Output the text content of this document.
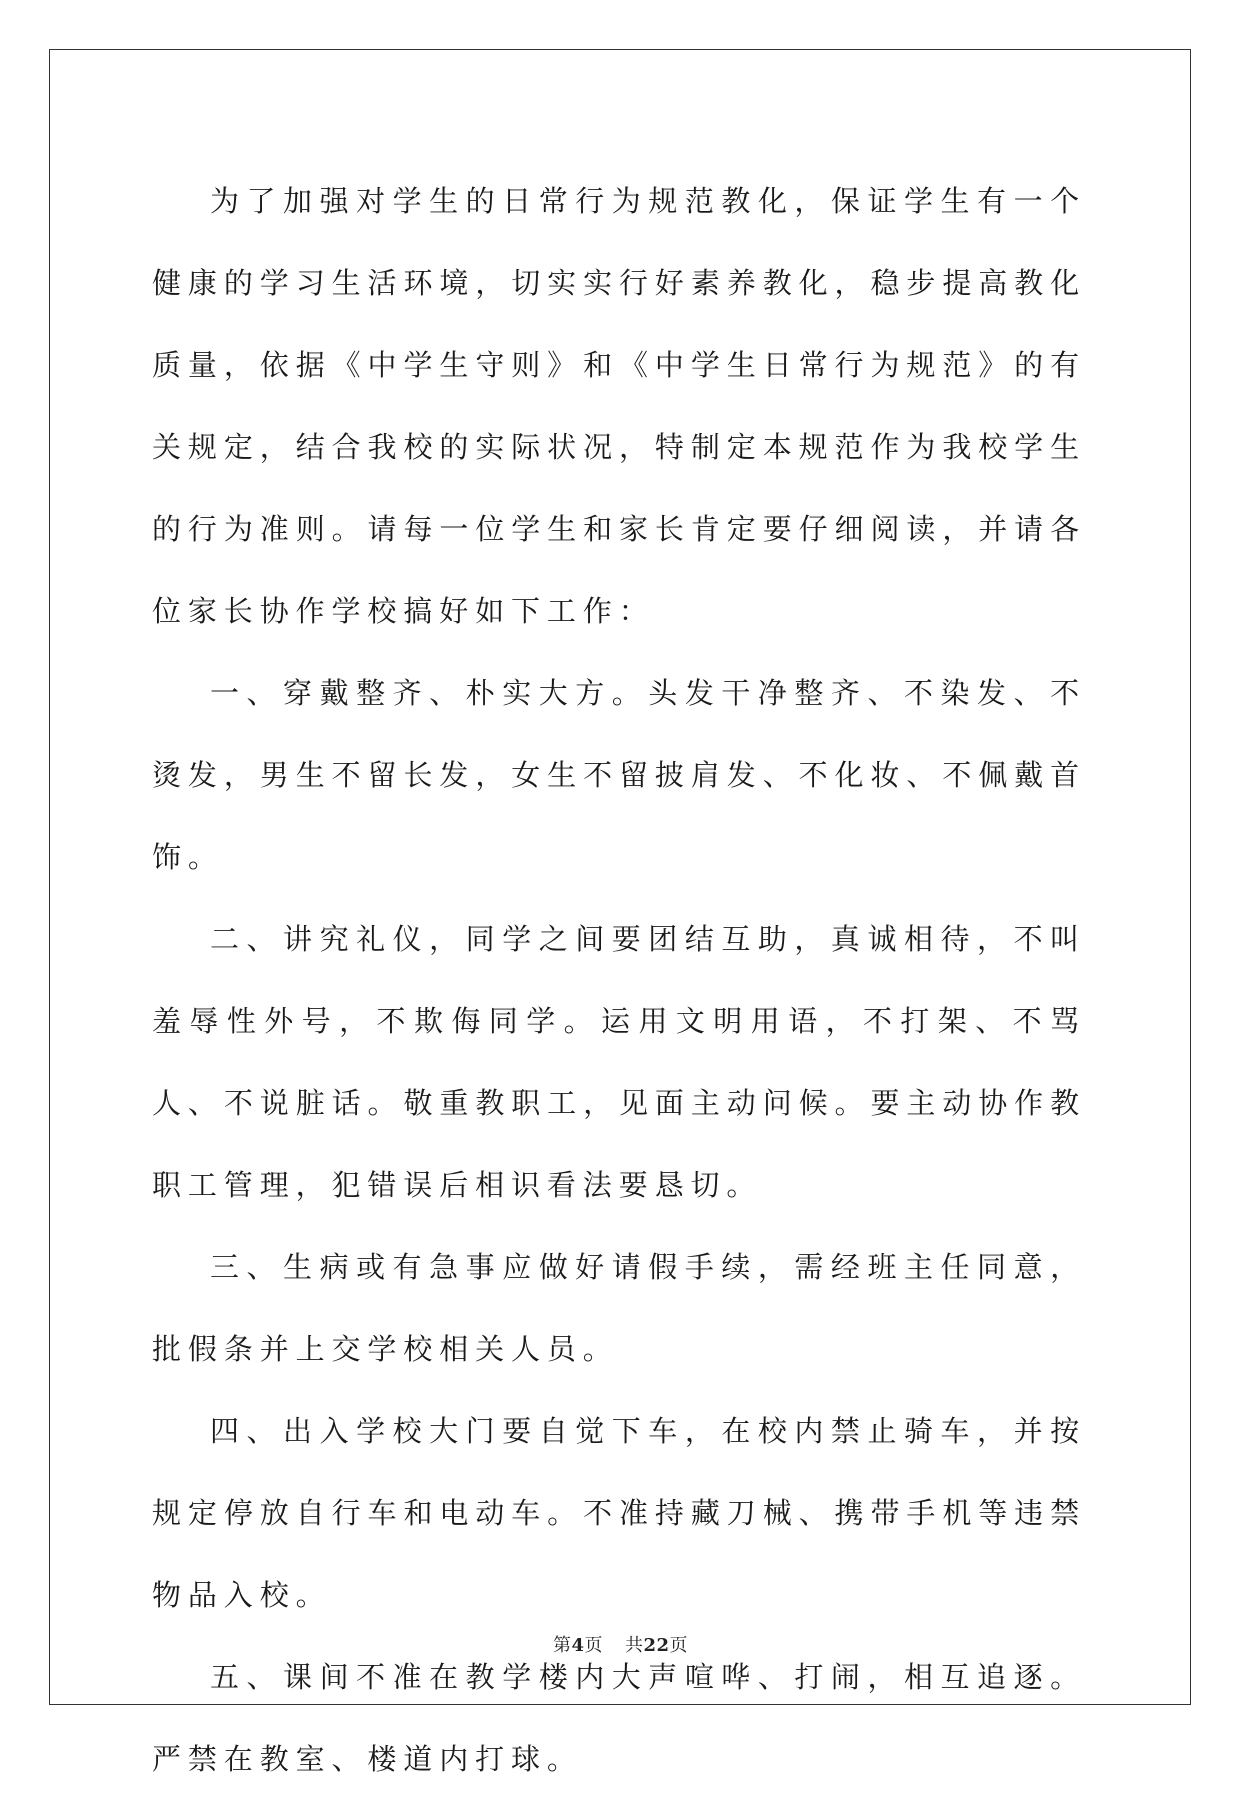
为了加强对学生的日常行为规范教化，保证学生有一个健康的学习生活环境，切实实行好素养教化，稳步提高教化质量，依据《中学生守则》和《中学生日常行为规范》的有关规定，结合我校的实际状况，特制定本规范作为我校学生的行为准则。请每一位学生和家长肯定要仔细阅读，并请各位家长协作学校搞好如下工作：

一、穿戴整齐、朴实大方。头发干净整齐、不染发、不烫发，男生不留长发，女生不留披肩发、不化妆、不佩戴首饰。

二、讲究礼仪，同学之间要团结互助，真诚相待，不叫羞辱性外号，不欺侮同学。运用文明用语，不打架、不骂人、不说脏话。敬重教职工，见面主动问候。要主动协作教职工管理，犯错误后相识看法要恳切。

三、生病或有急事应做好请假手续，需经班主任同意，批假条并上交学校相关人员。

四、出入学校大门要自觉下车，在校内禁止骑车，并按规定停放自行车和电动车。不准持藏刀械、携带手机等违禁物品入校。

五、课间不准在教学楼内大声喧哗、打闹，相互追逐。严禁在教室、楼道内打球。

第4页 共22页
